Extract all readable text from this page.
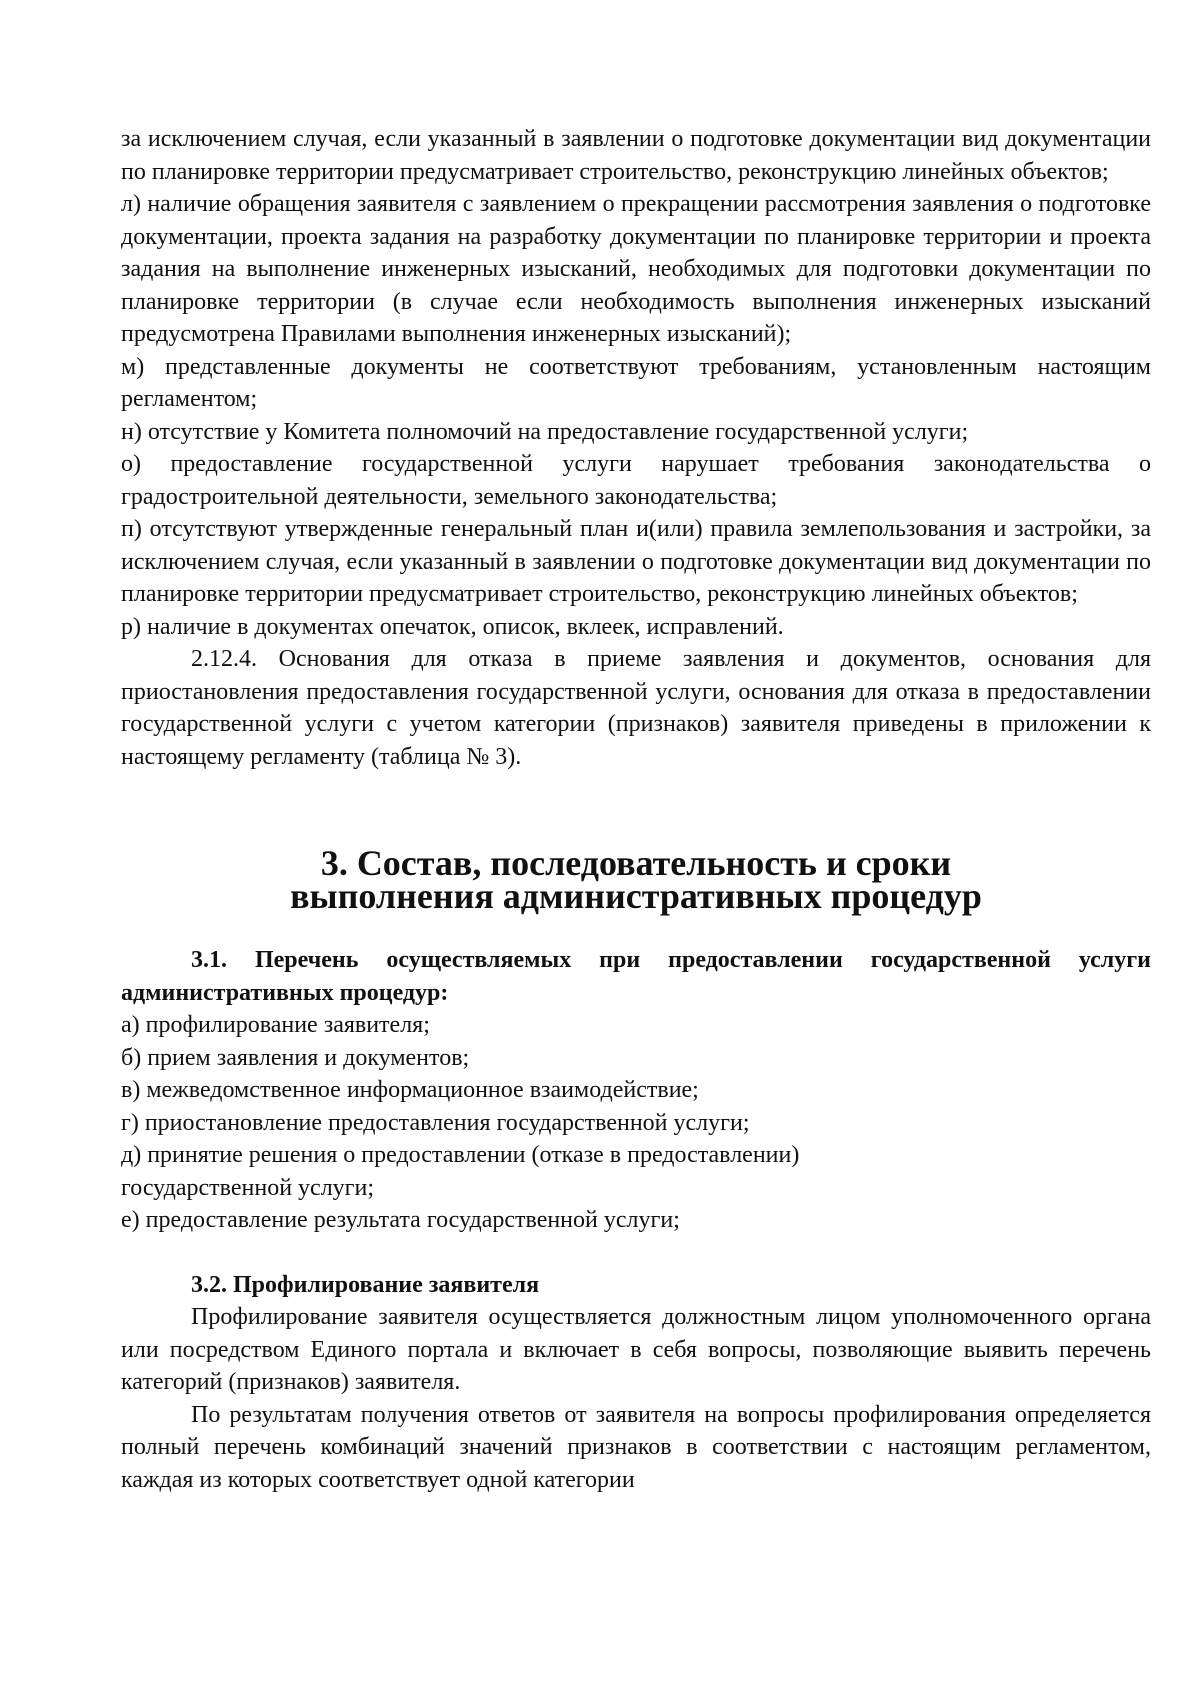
за исключением случая, если указанный в заявлении о подготовке документации вид документации по планировке территории предусматривает строительство, реконструкцию линейных объектов;

л) наличие обращения заявителя с заявлением о прекращении рассмотрения заявления о подготовке документации, проекта задания на разработку документации по планировке территории и проекта задания на выполнение инженерных изысканий, необходимых для подготовки документации по планировке территории (в случае если необходимость выполнения инженерных изысканий предусмотрена Правилами выполнения инженерных изысканий);

м) представленные документы не соответствуют требованиям, установленным настоящим регламентом;

н) отсутствие у Комитета полномочий на предоставление государственной услуги;

о) предоставление государственной услуги нарушает требования законодательства о градостроительной деятельности, земельного законодательства;

п) отсутствуют утвержденные генеральный план и(или) правила землепользования и застройки, за исключением случая, если указанный в заявлении о подготовке документации вид документации по планировке территории предусматривает строительство, реконструкцию линейных объектов;

р) наличие в документах опечаток, описок, вклеек, исправлений.

2.12.4. Основания для отказа в приеме заявления и документов, основания для приостановления предоставления государственной услуги, основания для отказа в предоставлении государственной услуги с учетом категории (признаков) заявителя приведены в приложении к настоящему регламенту (таблица № 3).

3. Состав, последовательность и сроки
выполнения административных процедур

3.1. Перечень осуществляемых при предоставлении государственной услуги административных процедур:

а) профилирование заявителя;

б) прием заявления и документов;

в) межведомственное информационное взаимодействие;

г) приостановление предоставления государственной услуги;

д) принятие решения о предоставлении (отказе в предоставлении)

государственной услуги;

е) предоставление результата государственной услуги;

3.2. Профилирование заявителя

Профилирование заявителя осуществляется должностным лицом уполномоченного органа или посредством Единого портала и включает в себя вопросы, позволяющие выявить перечень категорий (признаков) заявителя.

По результатам получения ответов от заявителя на вопросы профилирования определяется полный перечень комбинаций значений признаков в соответствии с настоящим регламентом, каждая из которых соответствует одной категории
